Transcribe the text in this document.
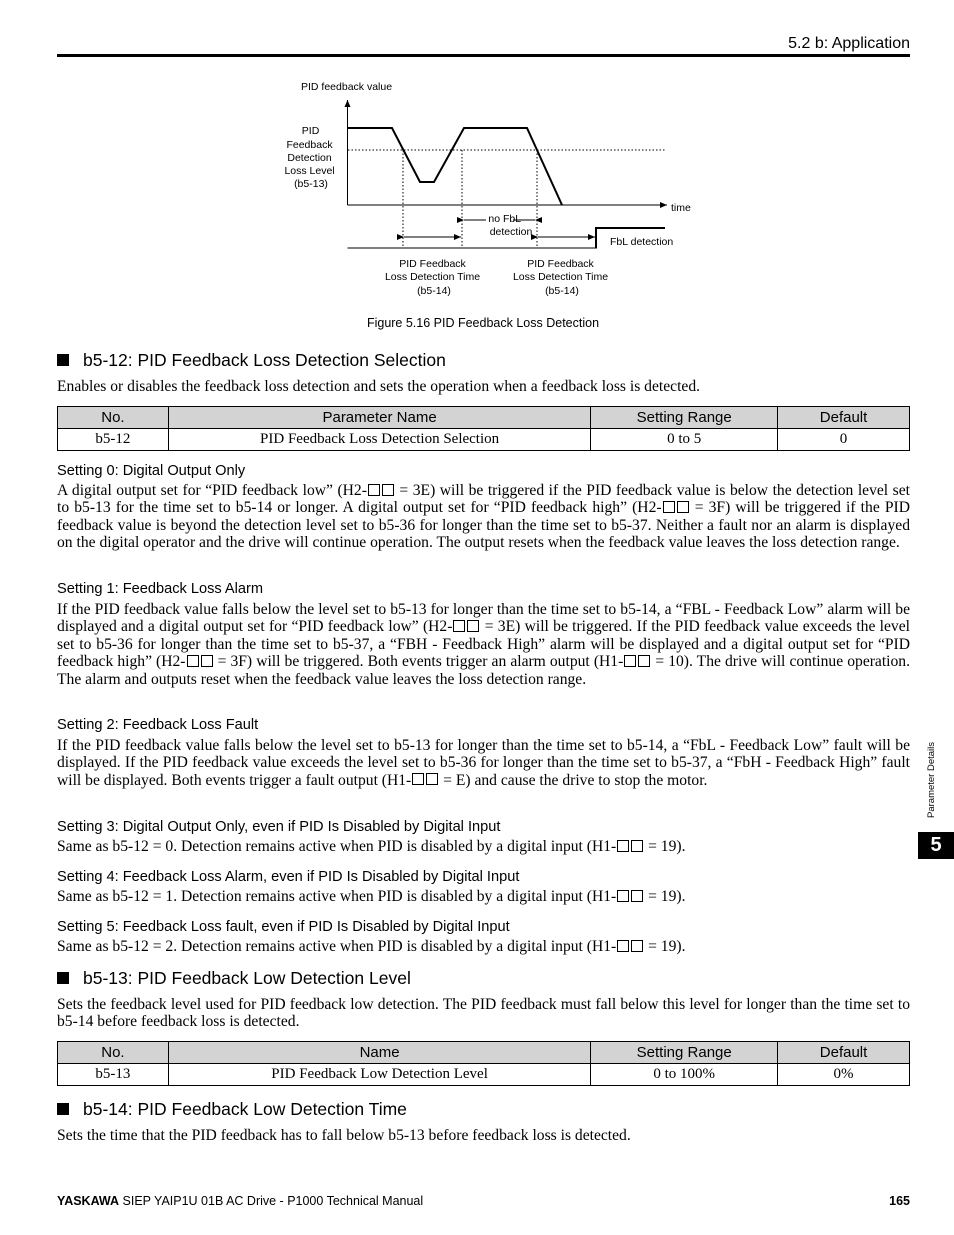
5.2 b: Application
PID feedback value
PID Feedback Detection Loss Level (b5-13)
time
no FbL detection
FbL detection
PID Feedback Loss Detection Time (b5-14)
PID Feedback Loss Detection Time (b5-14)
Figure 5.16 PID Feedback Loss Detection
b5-12: PID Feedback Loss Detection Selection
Enables or disables the feedback loss detection and sets the operation when a feedback loss is detected.
No.	Parameter Name	Setting Range	Default
b5-12	PID Feedback Loss Detection Selection	0 to 5	0
Setting 0: Digital Output Only
A digital output set for “PID feedback low” (H2- = 3E) will be triggered if the PID feedback value is below the detection level set to b5-13 for the time set to b5-14 or longer. A digital output set for “PID feedback high” (H2- = 3F) will be triggered if the PID feedback value is beyond the detection level set to b5-36 for longer than the time set to b5-37. Neither a fault nor an alarm is displayed on the digital operator and the drive will continue operation. The output resets when the feedback value leaves the loss detection range.
Setting 1: Feedback Loss Alarm
If the PID feedback value falls below the level set to b5-13 for longer than the time set to b5-14, a “FBL - Feedback Low” alarm will be displayed and a digital output set for “PID feedback low” (H2- = 3E) will be triggered. If the PID feedback value exceeds the level set to b5-36 for longer than the time set to b5-37, a “FBH - Feedback High” alarm will be displayed and a digital output set for “PID feedback high” (H2- = 3F) will be triggered. Both events trigger an alarm output (H1- = 10). The drive will continue operation. The alarm and outputs reset when the feedback value leaves the loss detection range.
Setting 2: Feedback Loss Fault
If the PID feedback value falls below the level set to b5-13 for longer than the time set to b5-14, a “FbL - Feedback Low” fault will be displayed. If the PID feedback value exceeds the level set to b5-36 for longer than the time set to b5-37, a “FbH - Feedback High” fault will be displayed. Both events trigger a fault output (H1- = E) and cause the drive to stop the motor.
Setting 3: Digital Output Only, even if PID Is Disabled by Digital Input
Same as b5-12 = 0. Detection remains active when PID is disabled by a digital input (H1- = 19).
Setting 4: Feedback Loss Alarm, even if PID Is Disabled by Digital Input
Same as b5-12 = 1. Detection remains active when PID is disabled by a digital input (H1- = 19).
Setting 5: Feedback Loss fault, even if PID Is Disabled by Digital Input
Same as b5-12 = 2. Detection remains active when PID is disabled by a digital input (H1- = 19).
b5-13: PID Feedback Low Detection Level
Sets the feedback level used for PID feedback low detection. The PID feedback must fall below this level for longer than the time set to b5-14 before feedback loss is detected.
No.	Name	Setting Range	Default
b5-13	PID Feedback Low Detection Level	0 to 100%	0%
b5-14: PID Feedback Low Detection Time
Sets the time that the PID feedback has to fall below b5-13 before feedback loss is detected.
Parameter Details
5
YASKAWA SIEP YAIP1U 01B AC Drive - P1000 Technical Manual	165
